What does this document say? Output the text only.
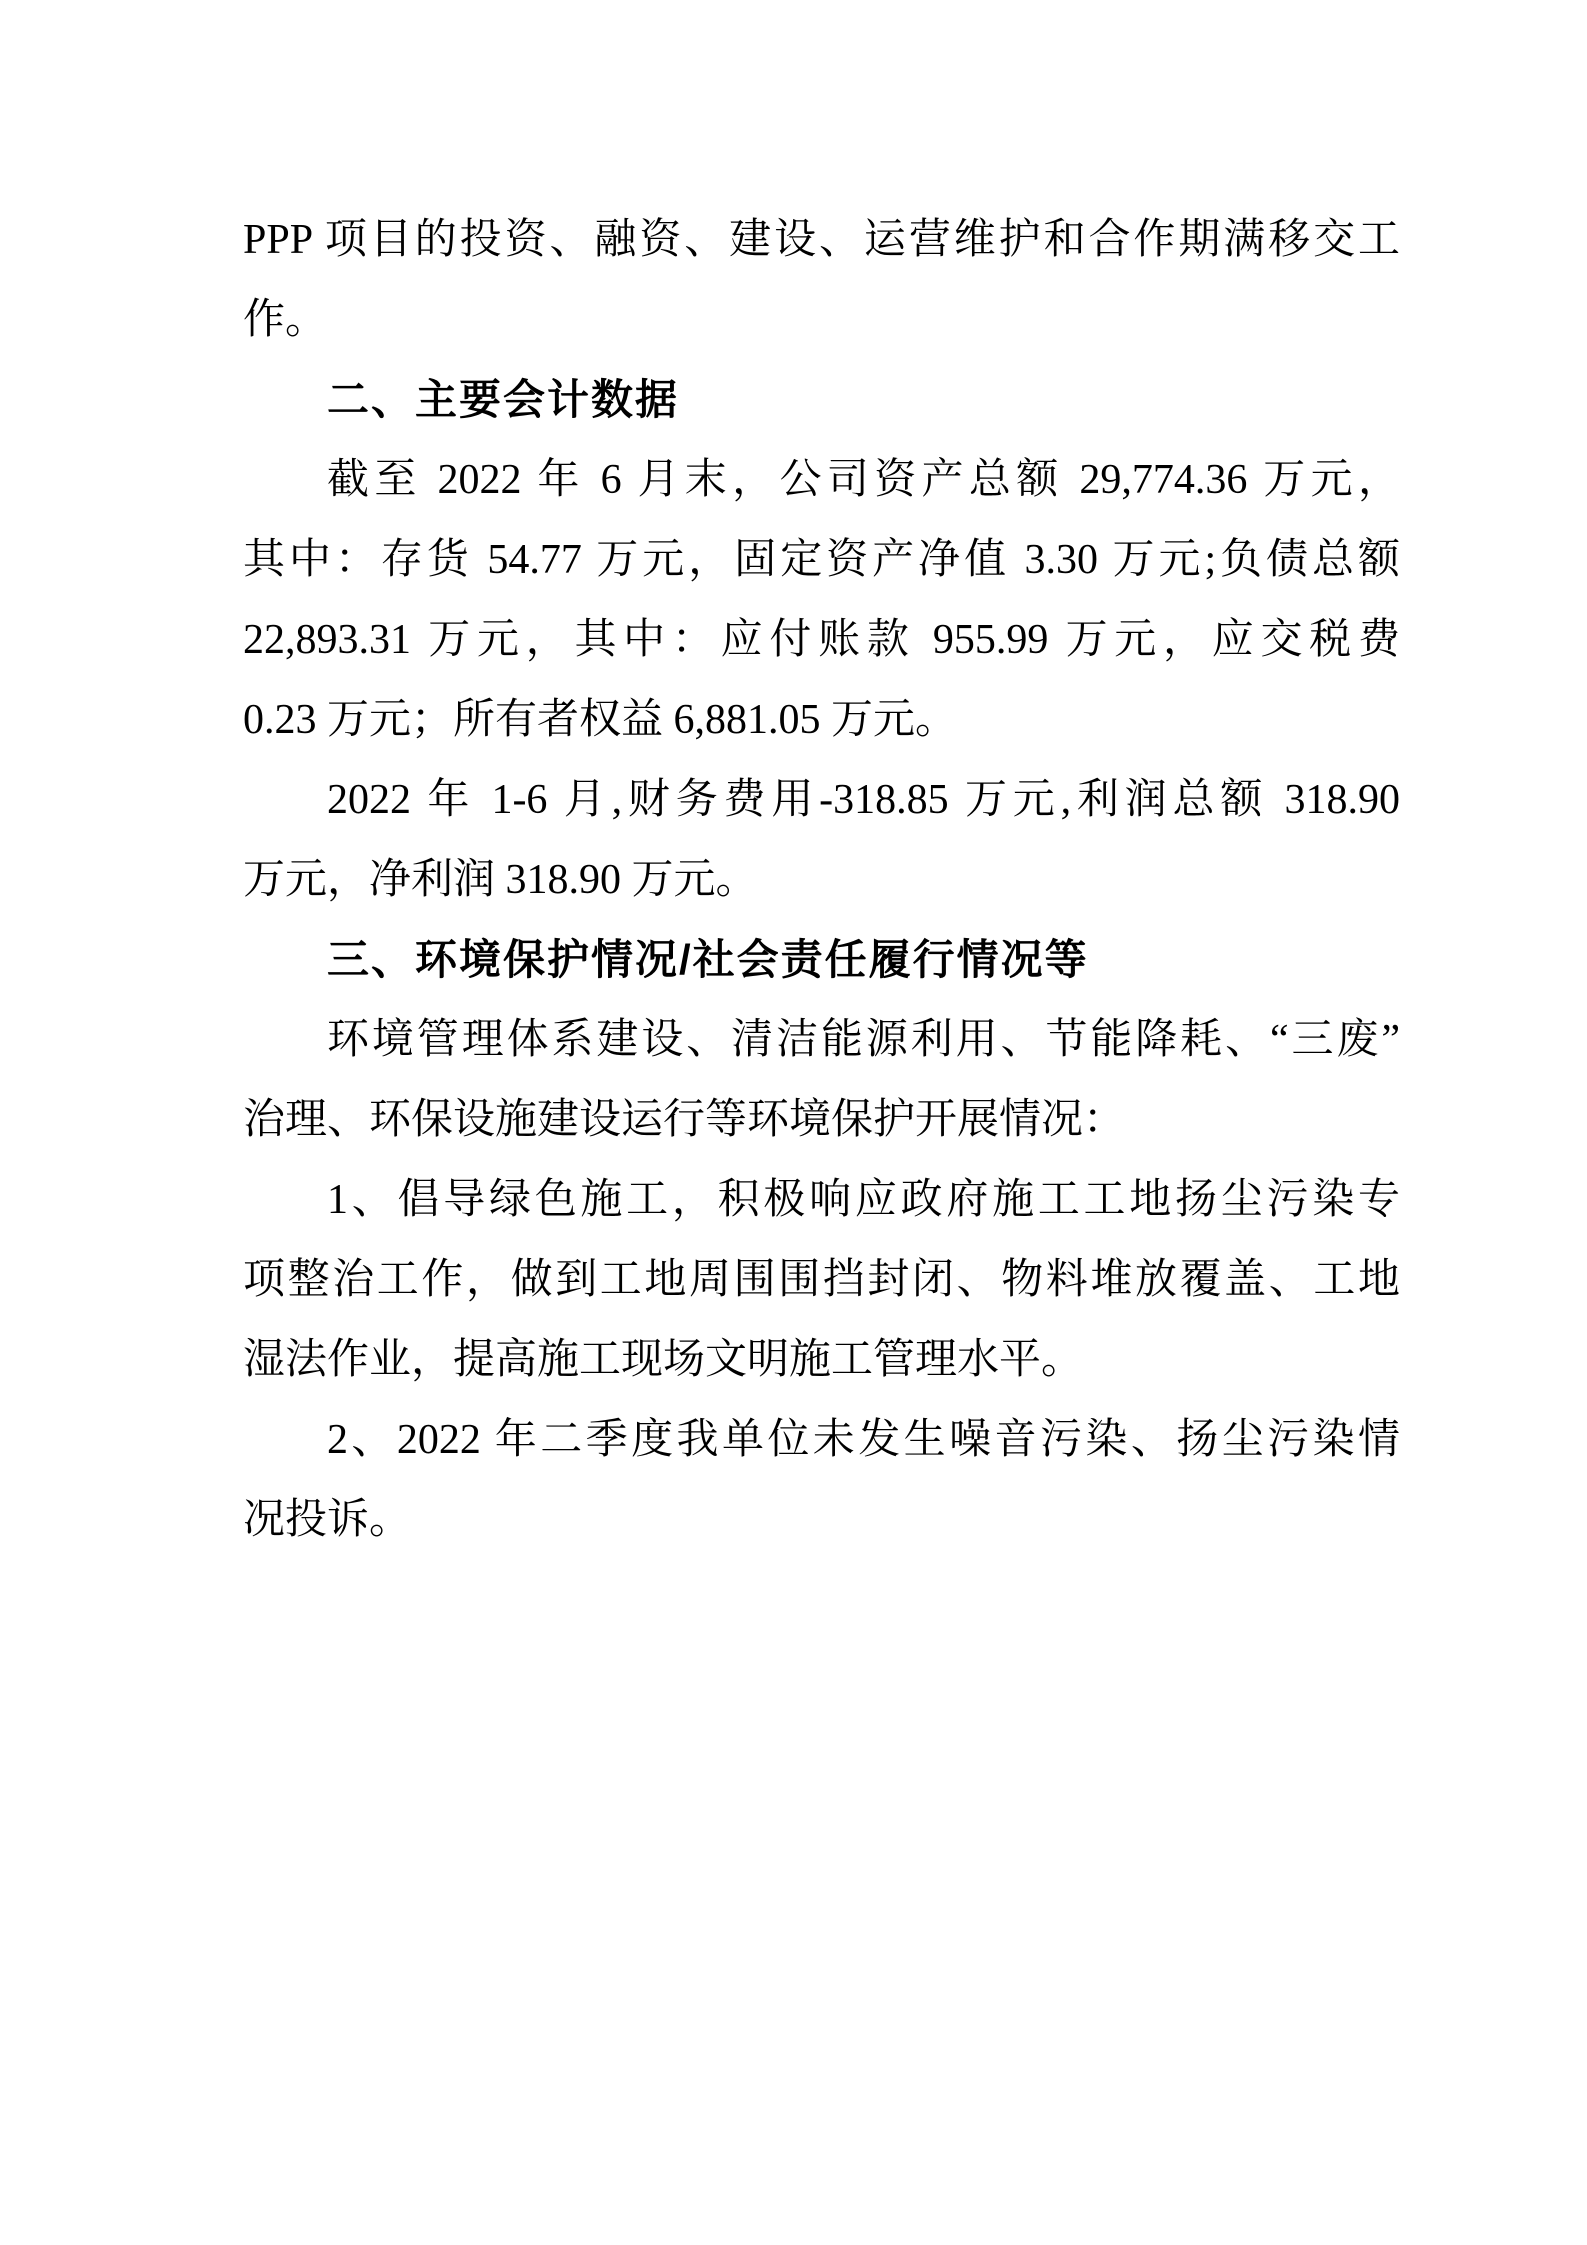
PPP 项目的投资、融资、建设、运营维护和合作期满移交工
作。
二、主要会计数据
截至 2022 年 6 月末，公司资产总额 29,774.36 万元，
其中：存货 54.77 万元，固定资产净值 3.30 万元;负债总额
22,893.31 万元，其中：应付账款 955.99 万元，应交税费
0.23 万元；所有者权益 6,881.05 万元。
2022 年 1-6 月,财务费用-318.85 万元,利润总额 318.90
万元，净利润 318.90 万元。
三、环境保护情况/社会责任履行情况等
环境管理体系建设、清洁能源利用、节能降耗、“三废”
治理、环保设施建设运行等环境保护开展情况：
1、倡导绿色施工，积极响应政府施工工地扬尘污染专
项整治工作，做到工地周围围挡封闭、物料堆放覆盖、工地
湿法作业，提高施工现场文明施工管理水平。
2、2022 年二季度我单位未发生噪音污染、扬尘污染情
况投诉。
